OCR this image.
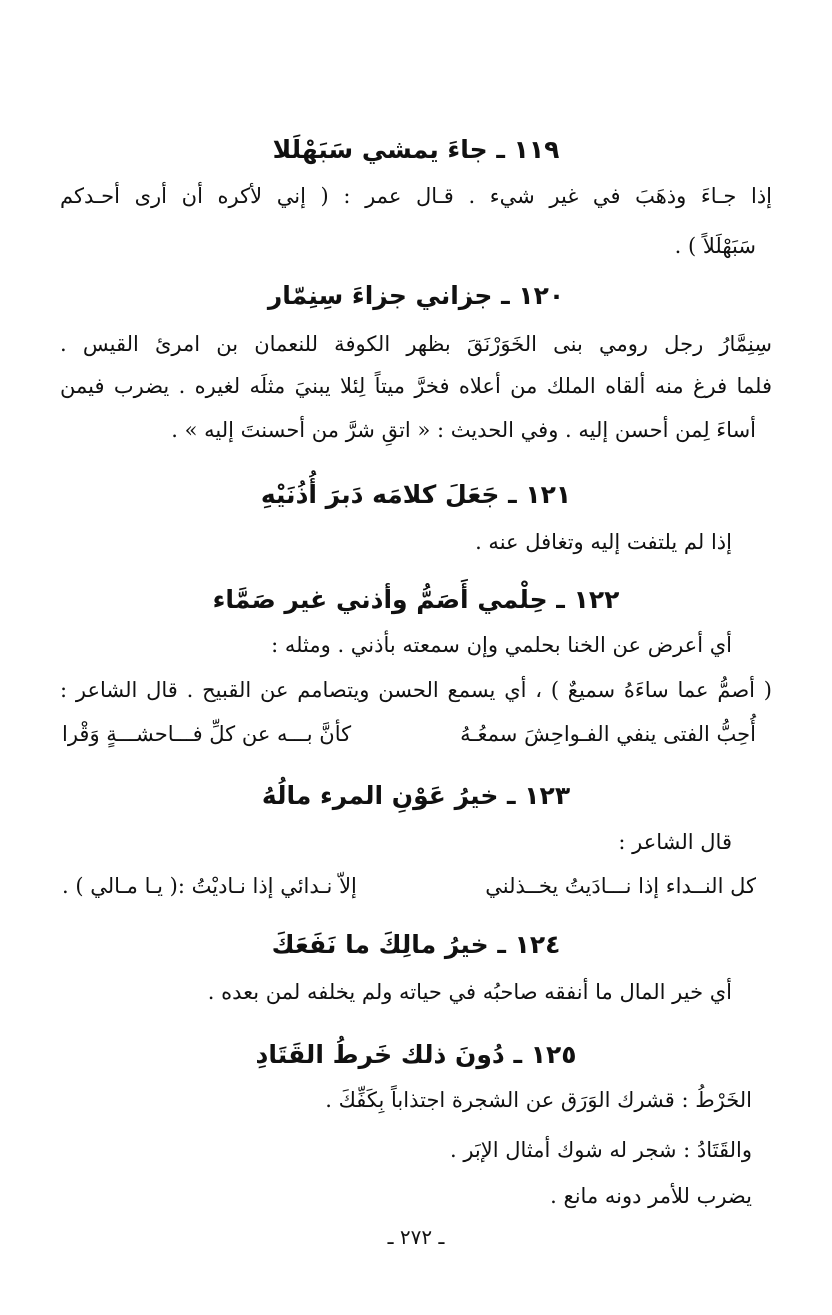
١١٩ ـ جاءَ يمشي سَبَهْلَلا
إذا جـاءَ وذهَبَ في غير شيء . قـال عمر : ( إني لأكره أن أرى أحـدكم
سَبَهْلَلاً ) .
١٢٠ ـ جزاني جزاءَ سِنِمّار
سِنِمَّارُ رجل رومي بنى الخَوَرْنَقَ بظهر الكوفة للنعمان بن امرئ القيس .
فلما فرغ منه ألقاه الملك من أعلاه فخرَّ ميتاً لِئلا يبنيَ مثلَه لغيره . يضرب فيمن
أساءَ لِمن أحسن إليه . وفي الحديث : « اتقِ شرَّ من أحسنتَ إليه » .
١٢١ ـ جَعَلَ كلامَه دَبرَ أُذُنَيْهِ
إذا لم يلتفت إليه وتغافل عنه .
١٢٢ ـ حِلْمي أَصَمُّ وأذني غير صَمَّاء
أي أعرض عن الخنا بحلمي وإن سمعته بأذني . ومثله :
( أصمُّ عما ساءَهُ سميعٌ ) ، أي يسمع الحسن ويتصامم عن القبيح . قال الشاعر :
أُحِبُّ الفتى ينفي الفـواحِشَ سمعُـهُ
كأنَّ بـــه عن كلِّ فـــاحشـــةٍ وَقْرا
١٢٣ ـ خيرُ عَوْنِ المرء مالُهُ
قال الشاعر :
كل النــداء إذا نـــادَيتُ يخــذلني
إلاّ نـدائي إذا نـاديْتُ :( يـا مـالي ) .
١٢٤ ـ خيرُ مالِكَ ما نَفَعَكَ
أي خير المال ما أنفقه صاحبُه في حياته ولم يخلفه لمن بعده .
١٢٥ ـ دُونَ ذلك خَرطُ القَتَادِ
الخَرْطُ : قشرك الوَرَق عن الشجرة اجتذاباً بِكَفِّكَ .
والقَتَادُ : شجر له شوك أمثال الإبَر .
يضرب للأمر دونه مانع .
ـ ٢٧٢ ـ
